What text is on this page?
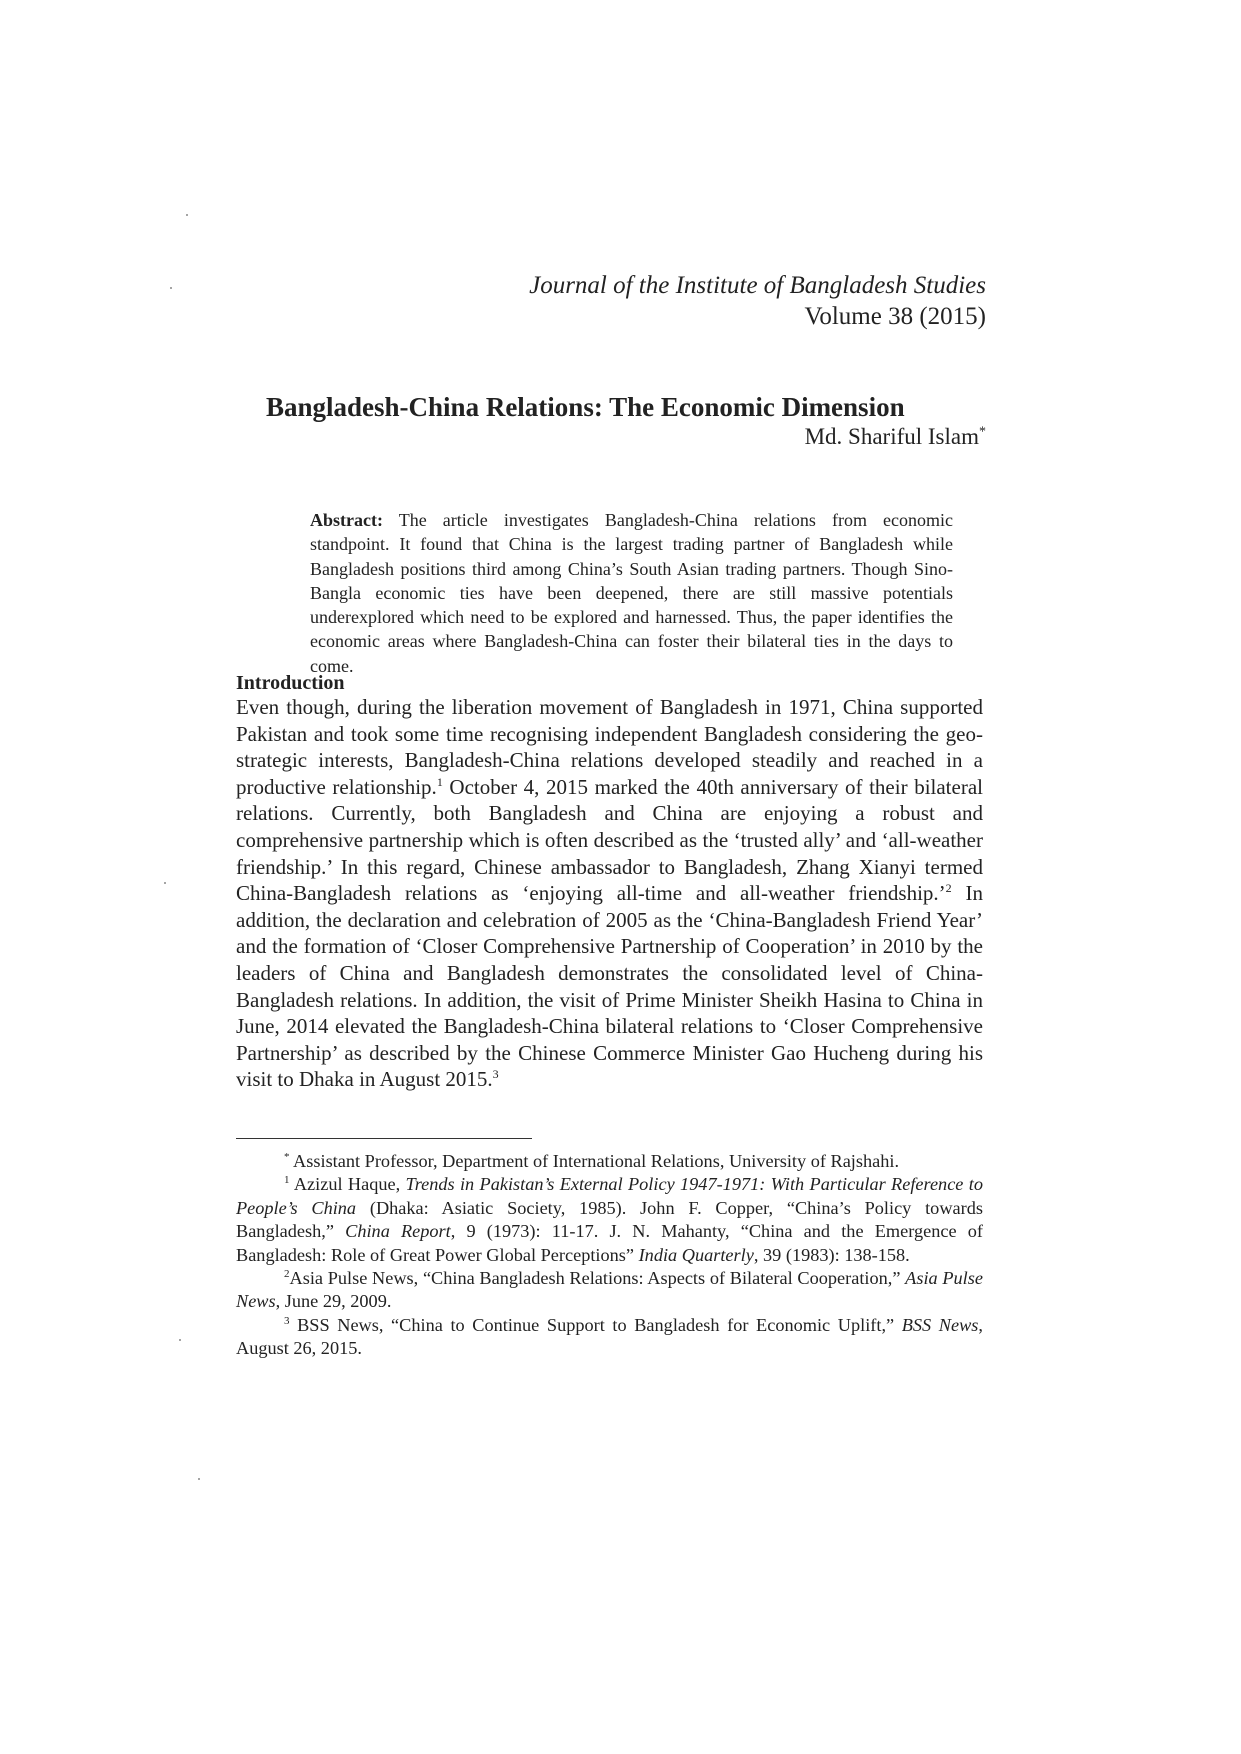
Journal of the Institute of Bangladesh Studies
Volume 38 (2015)
Bangladesh-China Relations: The Economic Dimension
Md. Shariful Islam*
Abstract: The article investigates Bangladesh-China relations from economic standpoint. It found that China is the largest trading partner of Bangladesh while Bangladesh positions third among China’s South Asian trading partners. Though Sino-Bangla economic ties have been deepened, there are still massive potentials underexplored which need to be explored and harnessed. Thus, the paper identifies the economic areas where Bangladesh-China can foster their bilateral ties in the days to come.
Introduction
Even though, during the liberation movement of Bangladesh in 1971, China supported Pakistan and took some time recognising independent Bangladesh considering the geo-strategic interests, Bangladesh-China relations developed steadily and reached in a productive relationship.$^1$ October 4, 2015 marked the 40th anniversary of their bilateral relations. Currently, both Bangladesh and China are enjoying a robust and comprehensive partnership which is often described as the ‘trusted ally’ and ‘all-weather friendship.’ In this regard, Chinese ambassador to Bangladesh, Zhang Xianyi termed China-Bangladesh relations as ‘enjoying all-time and all-weather friendship.’$^2$ In addition, the declaration and celebration of 2005 as the ‘China-Bangladesh Friend Year’ and the formation of ‘Closer Comprehensive Partnership of Cooperation’ in 2010 by the leaders of China and Bangladesh demonstrates the consolidated level of China-Bangladesh relations. In addition, the visit of Prime Minister Sheikh Hasina to China in June, 2014 elevated the Bangladesh-China bilateral relations to ‘Closer Comprehensive Partnership’ as described by the Chinese Commerce Minister Gao Hucheng during his visit to Dhaka in August 2015.$^3$

* Assistant Professor, Department of International Relations, University of Rajshahi.

$^1$ Azizul Haque, Trends in Pakistan’s External Policy 1947-1971: With Particular Reference to People’s China (Dhaka: Asiatic Society, 1985). John F. Copper, “China’s Policy towards Bangladesh,” China Report, 9 (1973): 11-17. J. N. Mahanty, “China and the Emergence of Bangladesh: Role of Great Power Global Perceptions” India Quarterly, 39 (1983): 138-158.

$^2$Asia Pulse News, “China Bangladesh Relations: Aspects of Bilateral Cooperation,” Asia Pulse News, June 29, 2009.

$^3$ BSS News, “China to Continue Support to Bangladesh for Economic Uplift,” BSS News, August 26, 2015.
